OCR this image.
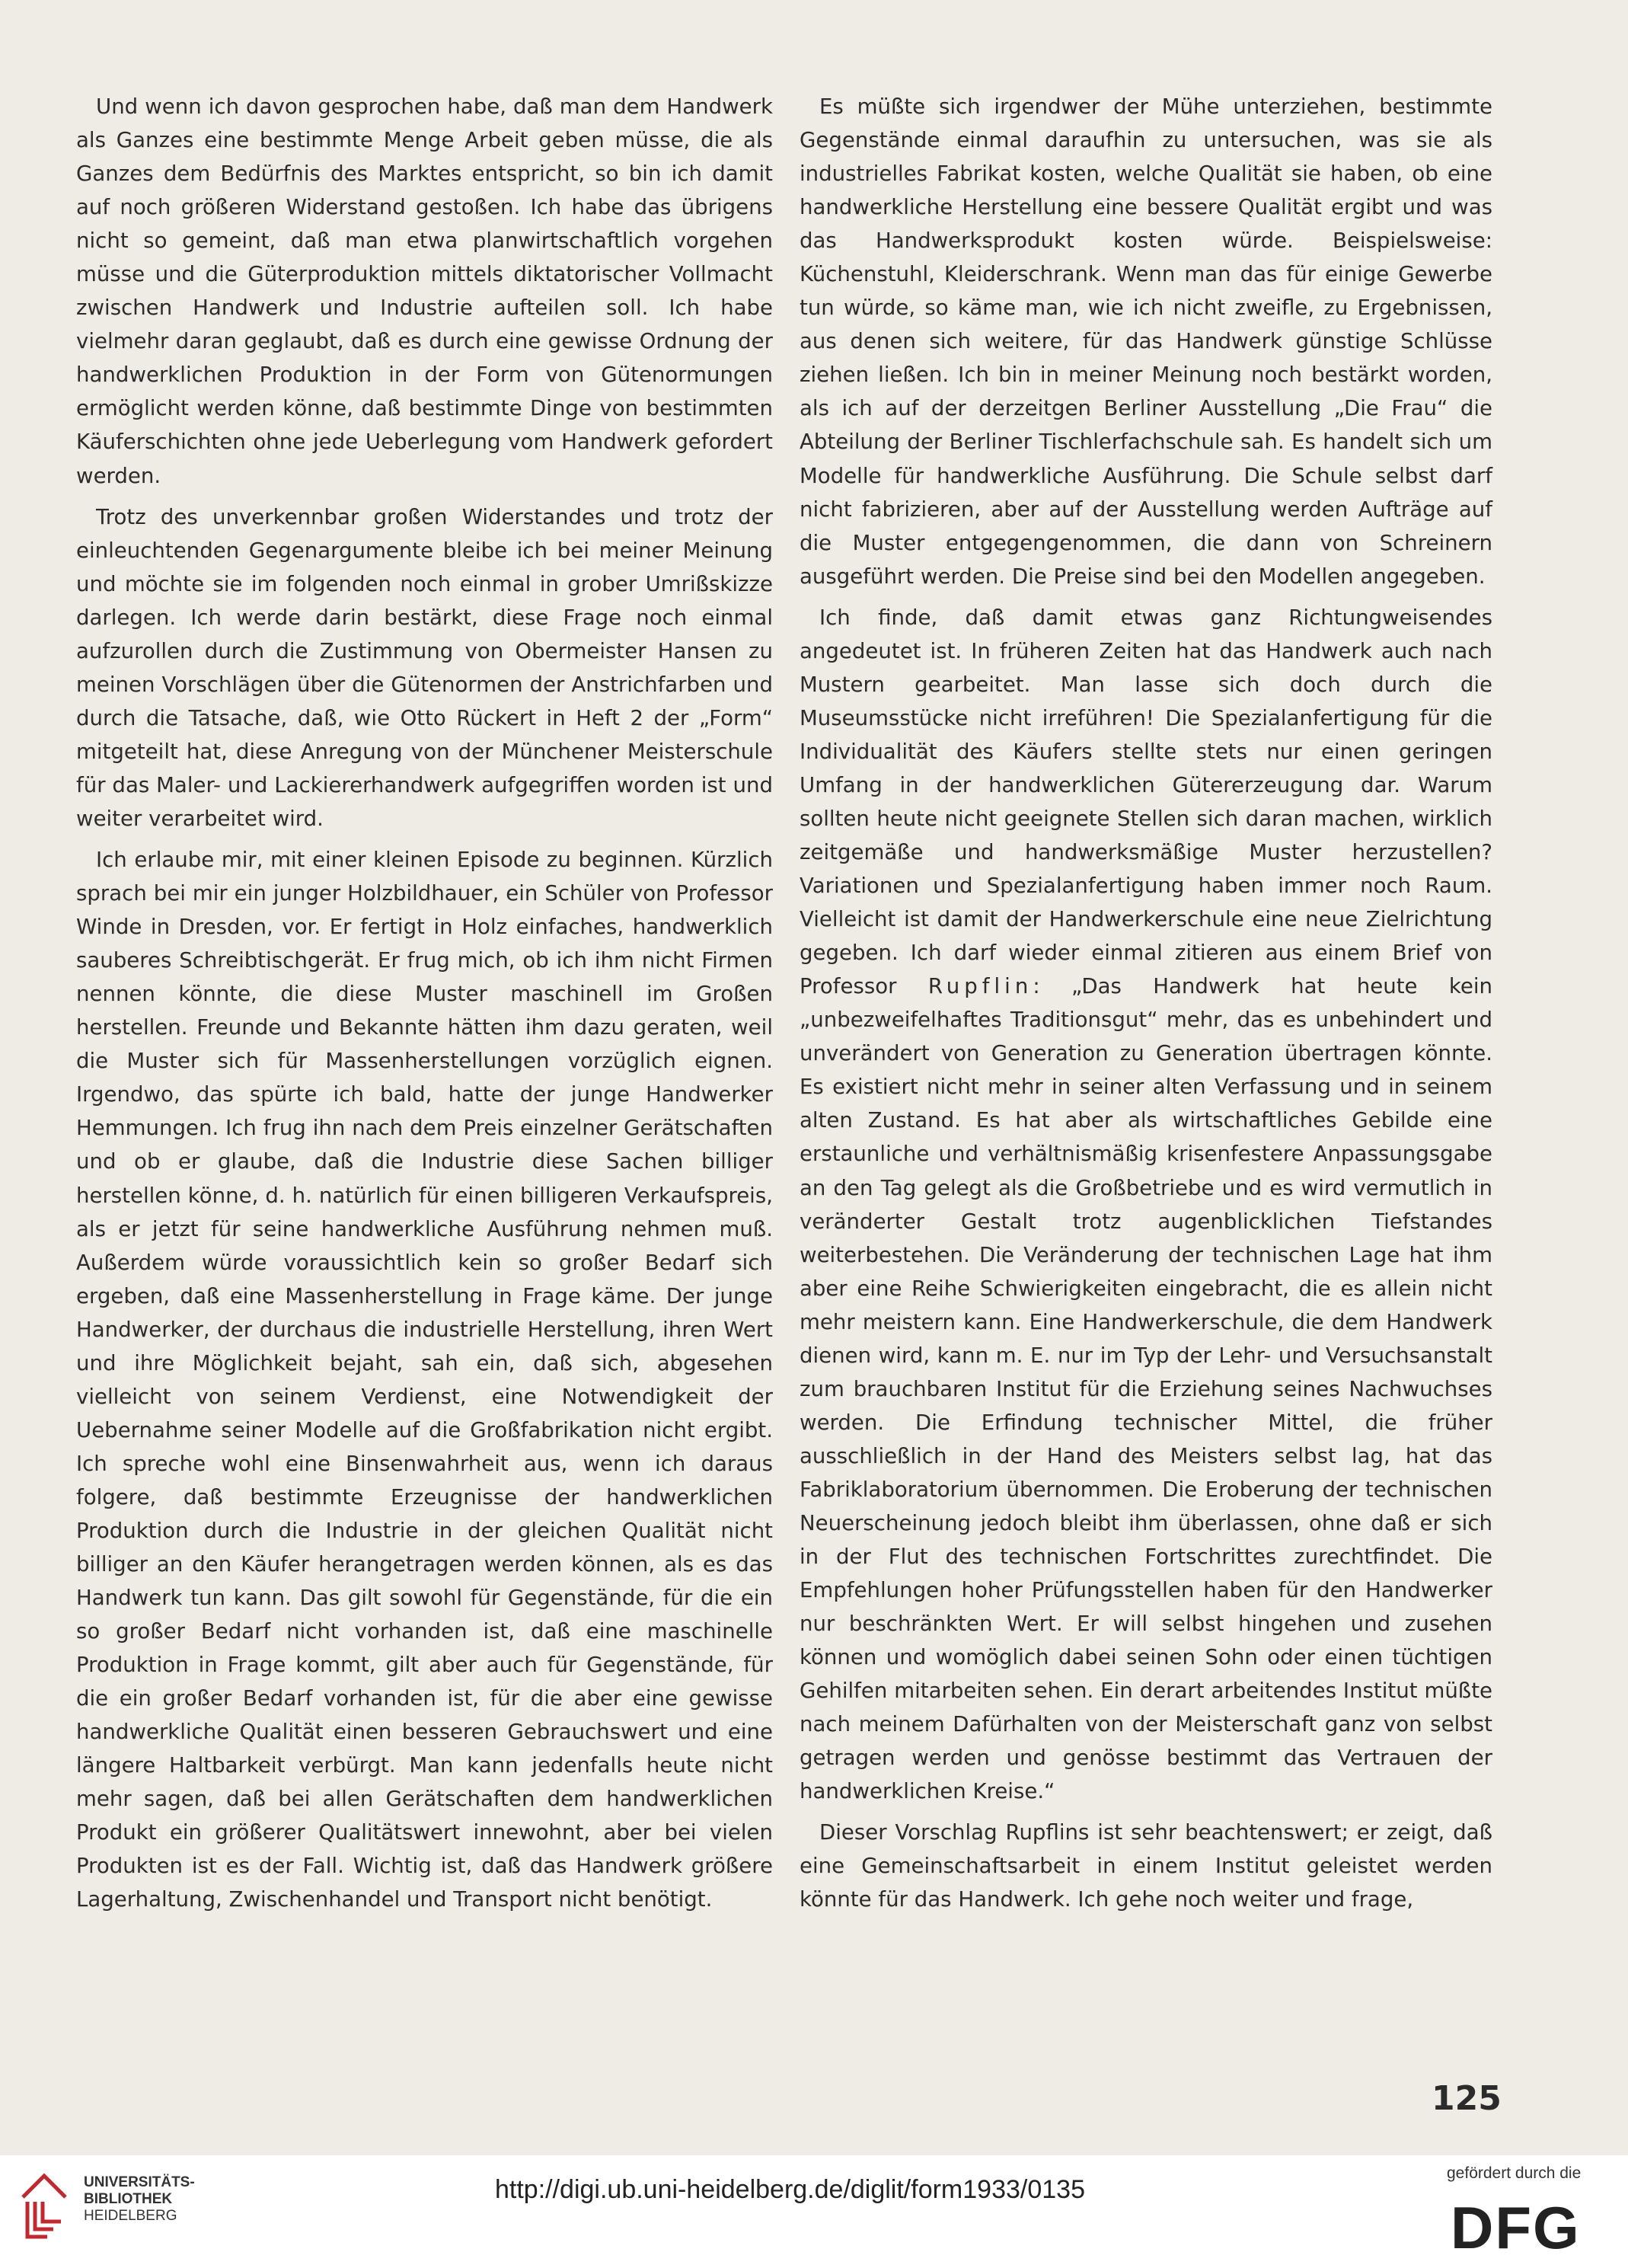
Und wenn ich davon gesprochen habe, daß man dem Handwerk als Ganzes eine bestimmte Menge Arbeit geben müsse, die als Ganzes dem Bedürfnis des Marktes entspricht, so bin ich damit auf noch größeren Widerstand gestoßen. Ich habe das übrigens nicht so gemeint, daß man etwa planwirtschaftlich vorgehen müsse und die Güterproduktion mittels diktatorischer Vollmacht zwischen Handwerk und Industrie aufteilen soll. Ich habe vielmehr daran geglaubt, daß es durch eine gewisse Ordnung der handwerklichen Produktion in der Form von Gütenormungen ermöglicht werden könne, daß bestimmte Dinge von bestimmten Käuferschichten ohne jede Ueberlegung vom Handwerk gefordert werden.

Trotz des unverkennbar großen Widerstandes und trotz der einleuchtenden Gegenargumente bleibe ich bei meiner Meinung und möchte sie im folgenden noch einmal in grober Umrißskizze darlegen. Ich werde darin bestärkt, diese Frage noch einmal aufzurollen durch die Zustimmung von Obermeister Hansen zu meinen Vorschlägen über die Gütenormen der Anstrichfarben und durch die Tatsache, daß, wie Otto Rückert in Heft 2 der „Form“ mitgeteilt hat, diese Anregung von der Münchener Meisterschule für das Maler- und Lackiererhandwerk aufgegriffen worden ist und weiter verarbeitet wird.

Ich erlaube mir, mit einer kleinen Episode zu beginnen. Kürzlich sprach bei mir ein junger Holzbildhauer, ein Schüler von Professor Winde in Dresden, vor. Er fertigt in Holz einfaches, handwerklich sauberes Schreibtischgerät. Er frug mich, ob ich ihm nicht Firmen nennen könnte, die diese Muster maschinell im Großen herstellen. Freunde und Bekannte hätten ihm dazu geraten, weil die Muster sich für Massenherstellungen vorzüglich eignen. Irgendwo, das spürte ich bald, hatte der junge Handwerker Hemmungen. Ich frug ihn nach dem Preis einzelner Gerätschaften und ob er glaube, daß die Industrie diese Sachen billiger herstellen könne, d. h. natürlich für einen billigeren Verkaufspreis, als er jetzt für seine handwerkliche Ausführung nehmen muß. Außerdem würde voraussichtlich kein so großer Bedarf sich ergeben, daß eine Massenherstellung in Frage käme. Der junge Handwerker, der durchaus die industrielle Herstellung, ihren Wert und ihre Möglichkeit bejaht, sah ein, daß sich, abgesehen vielleicht von seinem Verdienst, eine Notwendigkeit der Uebernahme seiner Modelle auf die Großfabrikation nicht ergibt. Ich spreche wohl eine Binsenwahrheit aus, wenn ich daraus folgere, daß bestimmte Erzeugnisse der handwerklichen Produktion durch die Industrie in der gleichen Qualität nicht billiger an den Käufer herangetragen werden können, als es das Handwerk tun kann. Das gilt sowohl für Gegenstände, für die ein so großer Bedarf nicht vorhanden ist, daß eine maschinelle Produktion in Frage kommt, gilt aber auch für Gegenstände, für die ein großer Bedarf vorhanden ist, für die aber eine gewisse handwerkliche Qualität einen besseren Gebrauchswert und eine längere Haltbarkeit verbürgt. Man kann jedenfalls heute nicht mehr sagen, daß bei allen Gerätschaften dem handwerklichen Produkt ein größerer Qualitätswert innewohnt, aber bei vielen Produkten ist es der Fall. Wichtig ist, daß das Handwerk größere Lagerhaltung, Zwischenhandel und Transport nicht benötigt.

Es müßte sich irgendwer der Mühe unterziehen, bestimmte Gegenstände einmal daraufhin zu untersuchen, was sie als industrielles Fabrikat kosten, welche Qualität sie haben, ob eine handwerkliche Herstellung eine bessere Qualität ergibt und was das Handwerksprodukt kosten würde. Beispielsweise: Küchenstuhl, Kleiderschrank. Wenn man das für einige Gewerbe tun würde, so käme man, wie ich nicht zweifle, zu Ergebnissen, aus denen sich weitere, für das Handwerk günstige Schlüsse ziehen ließen. Ich bin in meiner Meinung noch bestärkt worden, als ich auf der derzeitgen Berliner Ausstellung „Die Frau“ die Abteilung der Berliner Tischlerfachschule sah. Es handelt sich um Modelle für handwerkliche Ausführung. Die Schule selbst darf nicht fabrizieren, aber auf der Ausstellung werden Aufträge auf die Muster entgegengenommen, die dann von Schreinern ausgeführt werden. Die Preise sind bei den Modellen angegeben.

Ich finde, daß damit etwas ganz Richtungweisendes angedeutet ist. In früheren Zeiten hat das Handwerk auch nach Mustern gearbeitet. Man lasse sich doch durch die Museumsstücke nicht irreführen! Die Spezialanfertigung für die Individualität des Käufers stellte stets nur einen geringen Umfang in der handwerklichen Gütererzeugung dar. Warum sollten heute nicht geeignete Stellen sich daran machen, wirklich zeitgemäße und handwerksmäßige Muster herzustellen? Variationen und Spezialanfertigung haben immer noch Raum. Vielleicht ist damit der Handwerkerschule eine neue Zielrichtung gegeben. Ich darf wieder einmal zitieren aus einem Brief von Professor Rupflin: „Das Handwerk hat heute kein „unbezweifelhaftes Traditionsgut“ mehr, das es unbehindert und unverändert von Generation zu Generation übertragen könnte. Es existiert nicht mehr in seiner alten Verfassung und in seinem alten Zustand. Es hat aber als wirtschaftliches Gebilde eine erstaunliche und verhältnismäßig krisenfestere Anpassungsgabe an den Tag gelegt als die Großbetriebe und es wird vermutlich in veränderter Gestalt trotz augenblicklichen Tiefstandes weiterbestehen. Die Veränderung der technischen Lage hat ihm aber eine Reihe Schwierigkeiten eingebracht, die es allein nicht mehr meistern kann. Eine Handwerkerschule, die dem Handwerk dienen wird, kann m. E. nur im Typ der Lehr- und Versuchsanstalt zum brauchbaren Institut für die Erziehung seines Nachwuchses werden. Die Erfindung technischer Mittel, die früher ausschließlich in der Hand des Meisters selbst lag, hat das Fabriklaboratorium übernommen. Die Eroberung der technischen Neuerscheinung jedoch bleibt ihm überlassen, ohne daß er sich in der Flut des technischen Fortschrittes zurechtfindet. Die Empfehlungen hoher Prüfungsstellen haben für den Handwerker nur beschränkten Wert. Er will selbst hingehen und zusehen können und womöglich dabei seinen Sohn oder einen tüchtigen Gehilfen mitarbeiten sehen. Ein derart arbeitendes Institut müßte nach meinem Dafürhalten von der Meisterschaft ganz von selbst getragen werden und genösse bestimmt das Vertrauen der handwerklichen Kreise.“

Dieser Vorschlag Rupflins ist sehr beachtenswert; er zeigt, daß eine Gemeinschaftsarbeit in einem Institut geleistet werden könnte für das Handwerk. Ich gehe noch weiter und frage,

125
UNIVERSITÄTS-
BIBLIOTHEK
HEIDELBERG
http://digi.ub.uni-heidelberg.de/diglit/form1933/0135
gefördert durch die
DFG
